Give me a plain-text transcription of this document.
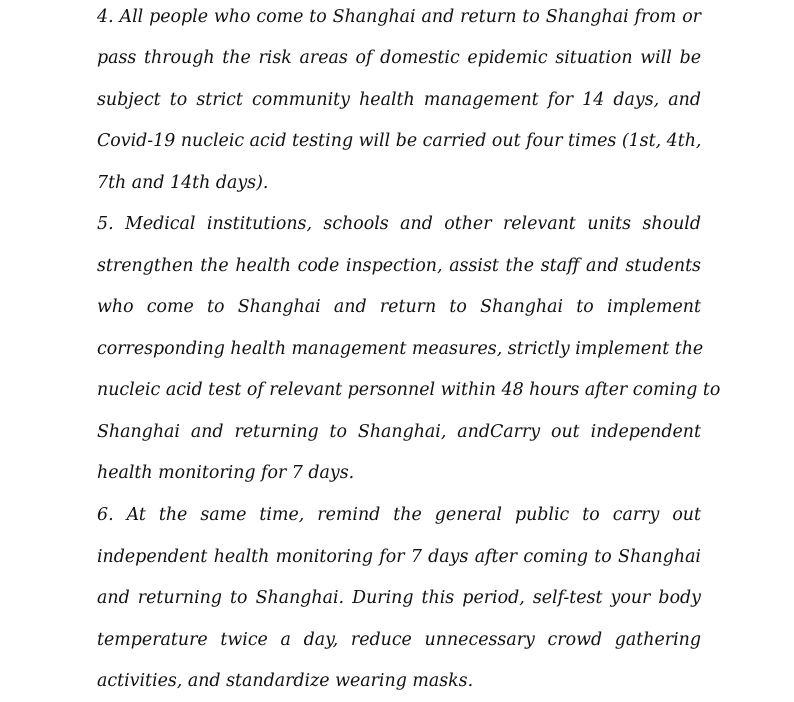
4. All people who come to Shanghai and return to Shanghai from or
pass through the risk areas of domestic epidemic situation will be
subject to strict community health management for 14 days, and
Covid-19 nucleic acid testing will be carried out four times (1st, 4th,
7th and 14th days).
5. Medical institutions, schools and other relevant units should
strengthen the health code inspection, assist the staff and students
who come to Shanghai and return to Shanghai to implement
corresponding health management measures, strictly implement the
nucleic acid test of relevant personnel within 48 hours after coming to
Shanghai and returning to Shanghai, andCarry out independent
health monitoring for 7 days.
6. At the same time, remind the general public to carry out
independent health monitoring for 7 days after coming to Shanghai
and returning to Shanghai. During this period, self-test your body
temperature twice a day, reduce unnecessary crowd gathering
activities, and standardize wearing masks.
